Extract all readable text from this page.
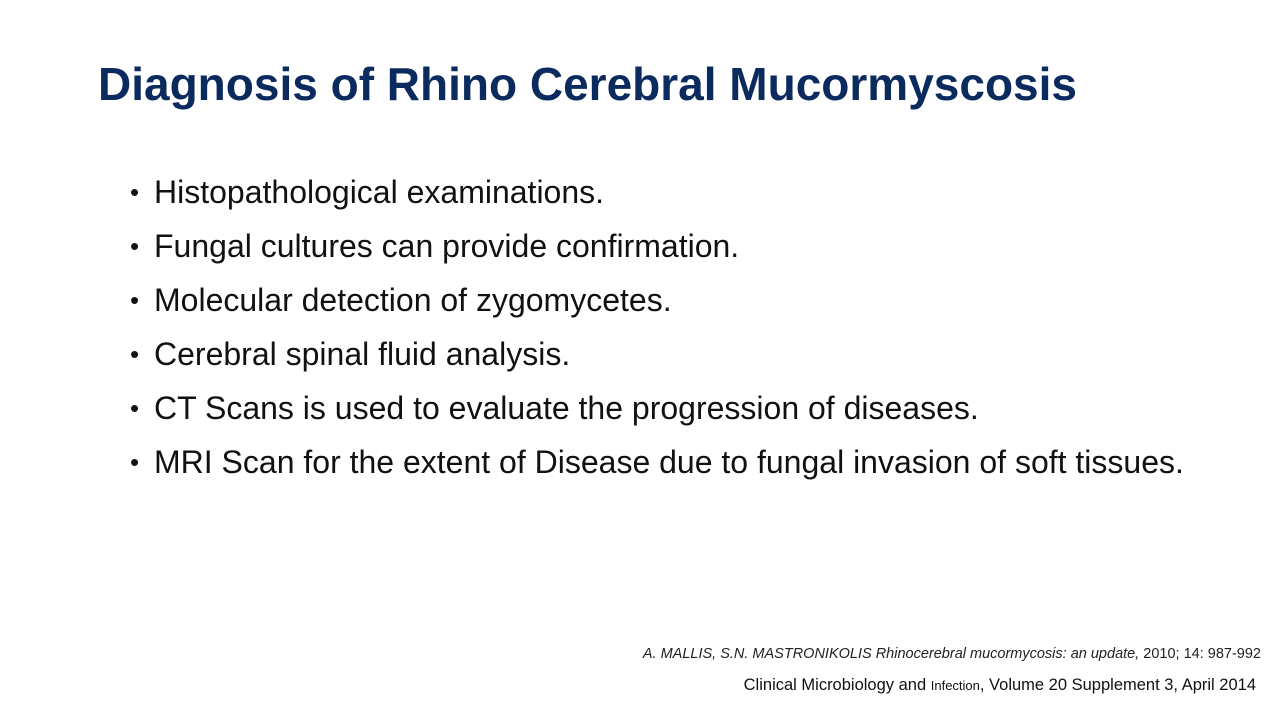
Diagnosis of Rhino Cerebral Mucormyscosis
• Histopathological examinations.
• Fungal cultures can provide confirmation.
• Molecular detection of zygomycetes.
• Cerebral spinal fluid analysis.
• CT Scans is used to evaluate the progression of diseases.
• MRI Scan for the extent of Disease due to fungal invasion of soft tissues.
A. MALLIS, S.N. MASTRONIKOLIS Rhinocerebral mucormycosis: an update, 2010; 14: 987-992
Clinical Microbiology and Infection, Volume 20 Supplement 3, April 2014
